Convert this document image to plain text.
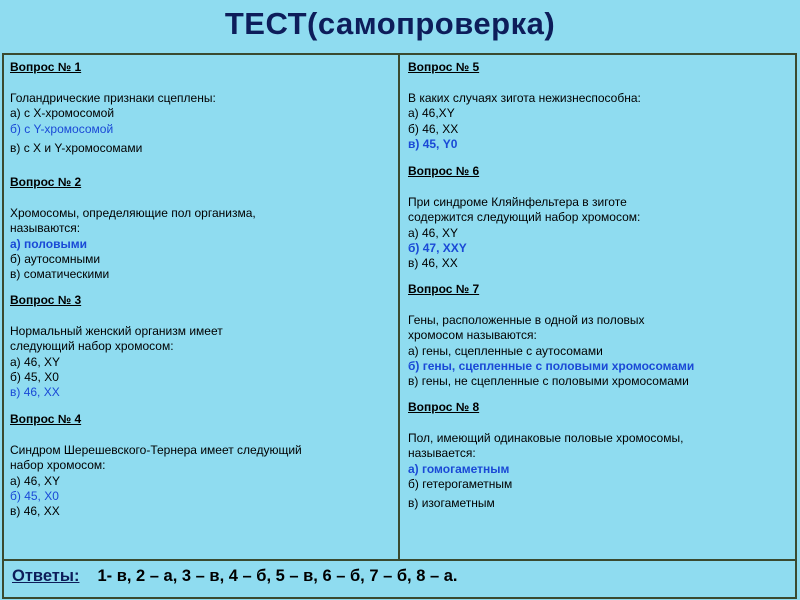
ТЕСТ(самопроверка)
Вопрос № 1
Голандрические признаки сцеплены:
а) с X-хромосомой
б) с Y-хромосомой
в) с X и Y-хромосомами
Вопрос № 2
Хромосомы, определяющие пол организма,
называются:
а) половыми
б) аутосомными
в) соматическими
Вопрос № 3
Нормальный женский организм имеет
следующий набор хромосом:
а) 46, XY
б) 45, X0
в) 46, XX
Вопрос № 4
Синдром Шерешевского-Тернера имеет следующий
набор хромосом:
а) 46, XY
б) 45, X0
в) 46, XX
Вопрос № 5
В каких случаях зигота нежизнеспособна:
а) 46,XY
б) 46, XX
в) 45, Y0
Вопрос № 6
При синдроме Кляйнфельтера в зиготе
содержится следующий набор хромосом:
а) 46, XY
б) 47, XXY
в) 46, XX
Вопрос № 7
Гены, расположенные в одной из половых
хромосом называются:
а) гены, сцепленные с аутосомами
б) гены, сцепленные с половыми хромосомами
в) гены, не сцепленные с половыми хромосомами
Вопрос № 8
Пол, имеющий одинаковые половые хромосомы,
называется:
а) гомогаметным
б) гетерогаметным
в) изогаметным
Ответы: 1- в, 2 – а, 3 – в, 4 – б, 5 – в, 6 – б, 7 – б, 8 – а.
